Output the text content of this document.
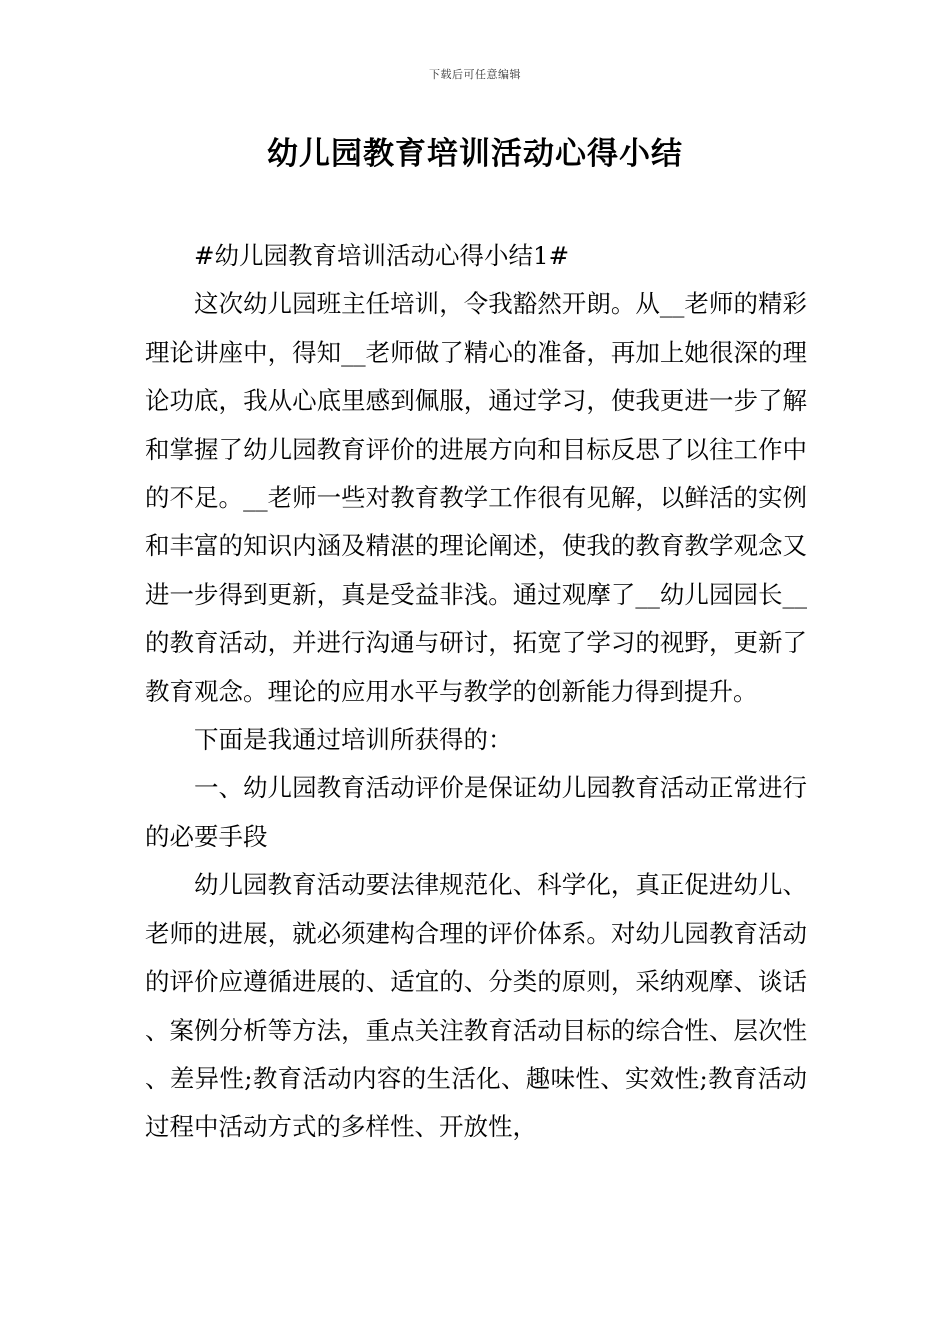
下载后可任意编辑
幼儿园教育培训活动心得小结

#幼儿园教育培训活动心得小结1#

这次幼儿园班主任培训，令我豁然开朗。从__老师的精彩理论讲座中，得知__老师做了精心的准备，再加上她很深的理论功底，我从心底里感到佩服，通过学习，使我更进一步了解和掌握了幼儿园教育评价的进展方向和目标反思了以往工作中的不足。__老师一些对教育教学工作很有见解，以鲜活的实例和丰富的知识内涵及精湛的理论阐述，使我的教育教学观念又进一步得到更新，真是受益非浅。通过观摩了__幼儿园园长__的教育活动，并进行沟通与研讨，拓宽了学习的视野，更新了教育观念。理论的应用水平与教学的创新能力得到提升。

下面是我通过培训所获得的：

一、幼儿园教育活动评价是保证幼儿园教育活动正常进行的必要手段

幼儿园教育活动要法律规范化、科学化，真正促进幼儿、老师的进展，就必须建构合理的评价体系。对幼儿园教育活动的评价应遵循进展的、适宜的、分类的原则，采纳观摩、谈话、案例分析等方法，重点关注教育活动目标的综合性、层次性、差异性;教育活动内容的生活化、趣味性、实效性;教育活动过程中活动方式的多样性、开放性，
